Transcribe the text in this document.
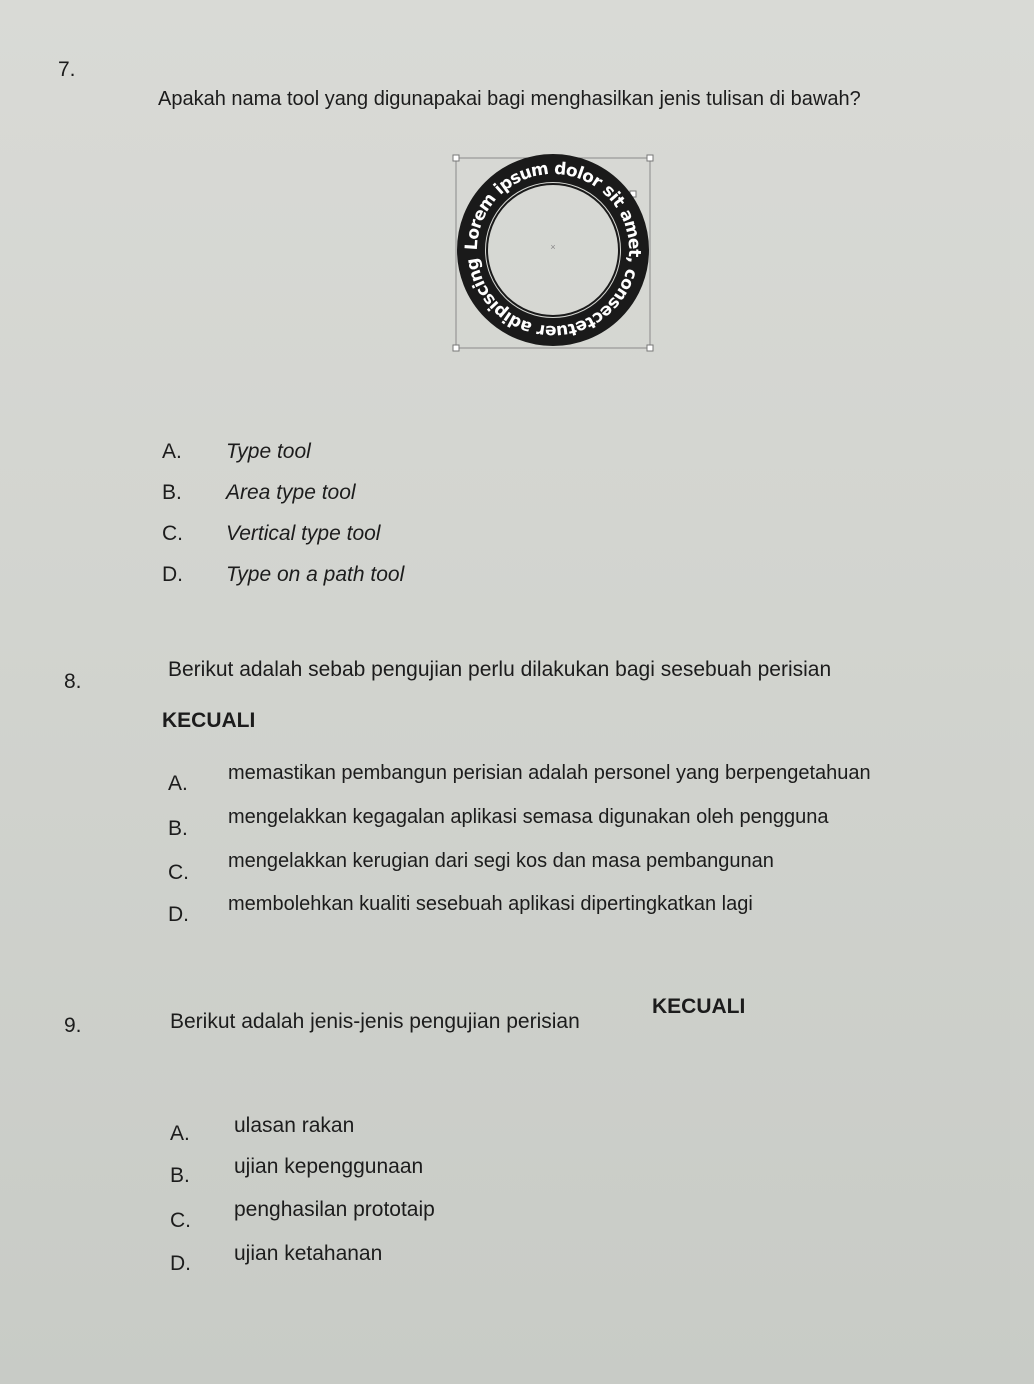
7.
Apakah nama tool yang digunapakai bagi menghasilkan jenis tulisan di bawah?
Lorem ipsum dolor sit amet, consectetuer adipiscing
×
A. Type tool
B. Area type tool
C. Vertical type tool
D. Type on a path tool
8.
Berikut adalah sebab pengujian perlu dilakukan bagi sesebuah perisian
KECUALI
A. memastikan pembangun perisian adalah personel yang berpengetahuan
B. mengelakkan kegagalan aplikasi semasa digunakan oleh pengguna
C. mengelakkan kerugian dari segi kos dan masa pembangunan
D. membolehkan kualiti sesebuah aplikasi dipertingkatkan lagi
9.	Berikut adalah jenis-jenis pengujian perisian
KECUALI
A. ulasan rakan
B. ujian kepenggunaan
C. penghasilan prototaip
D. ujian ketahanan
